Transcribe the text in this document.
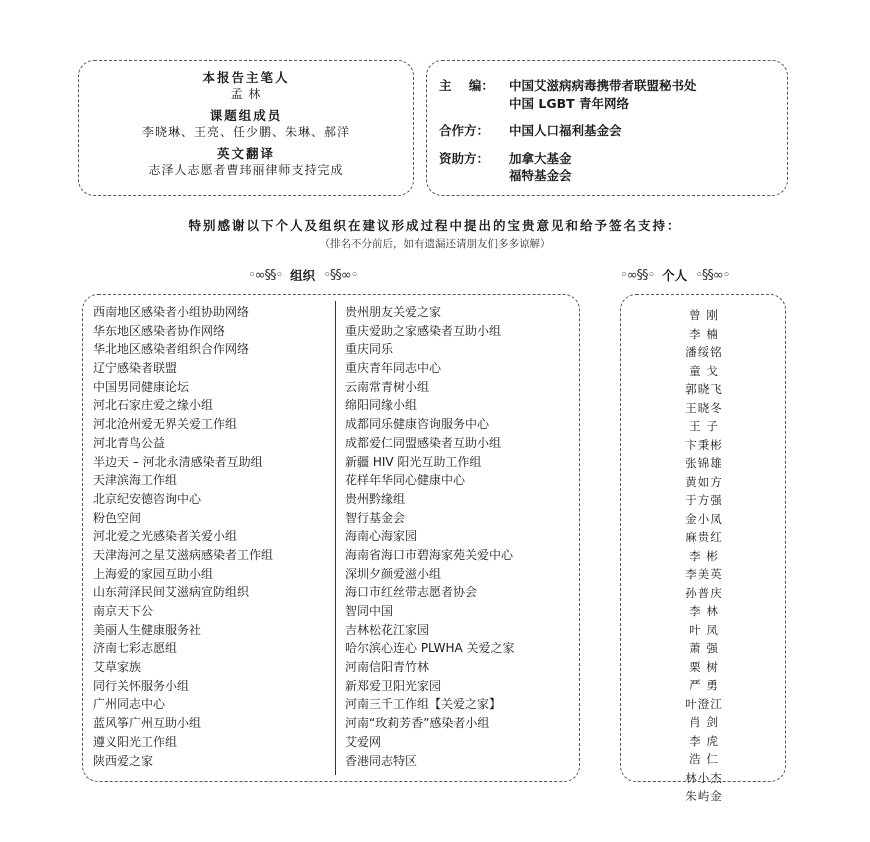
本报告主笔人
孟 林
课题组成员
李晓琳、王亮、任少鹏、朱琳、郝洋
英文翻译
志泽人志愿者曹玮丽律师支持完成
主    编：	中国艾滋病病毒携带者联盟秘书处
中国 LGBT 青年网络
合作方：	中国人口福利基金会
资助方：	加拿大基金
福特基金会
特别感谢以下个人及组织在建议形成过程中提出的宝贵意见和给予签名支持：
（排名不分前后，如有遗漏还请朋友们多多谅解）
◦∞§§◦ 组织 ◦§§∞◦	◦∞§§◦ 个人 ◦§§∞◦
西南地区感染者小组协助网络
华东地区感染者协作网络
华北地区感染者组织合作网络
辽宁感染者联盟
中国男同健康论坛
河北石家庄爱之缘小组
河北沧州爱无界关爱工作组
河北青鸟公益
半边天 – 河北永清感染者互助组
天津滨海工作组
北京纪安德咨询中心
粉色空间
河北爱之光感染者关爱小组
天津海河之星艾滋病感染者工作组
上海爱的家园互助小组
山东菏泽民间艾滋病宣防组织
南京天下公
美丽人生健康服务社
济南七彩志愿组
艾草家族
同行关怀服务小组
广州同志中心
蓝风筝广州互助小组
遵义阳光工作组
陕西爱之家
贵州朋友关爱之家
重庆爱助之家感染者互助小组
重庆同乐
重庆青年同志中心
云南常青树小组
绵阳同缘小组
成都同乐健康咨询服务中心
成都爱仁同盟感染者互助小组
新疆 HIV 阳光互助工作组
花样年华同心健康中心
贵州黔缘组
智行基金会
海南心海家园
海南省海口市碧海家苑关爱中心
深圳夕颜爱滋小组
海口市红丝带志愿者协会
智同中国
吉林松花江家园
哈尔滨心连心 PLWHA 关爱之家
河南信阳青竹林
新郑爱卫阳光家园
河南三千工作组【关爱之家】
河南“玫莉芳香”感染者小组
艾爱网
香港同志特区
曾 刚
李 楠
潘绥铭
童 戈
郭晓飞
王晓冬
王 子
卞秉彬
张锦雄
黄如方
于方强
金小凤
麻贵红
李 彬
李美英
孙普庆
李 林
叶 凤
萧 强
栗 树
严 勇
叶澄江
肖 剑
李 虎
浩 仁
林小杰
朱屿金
